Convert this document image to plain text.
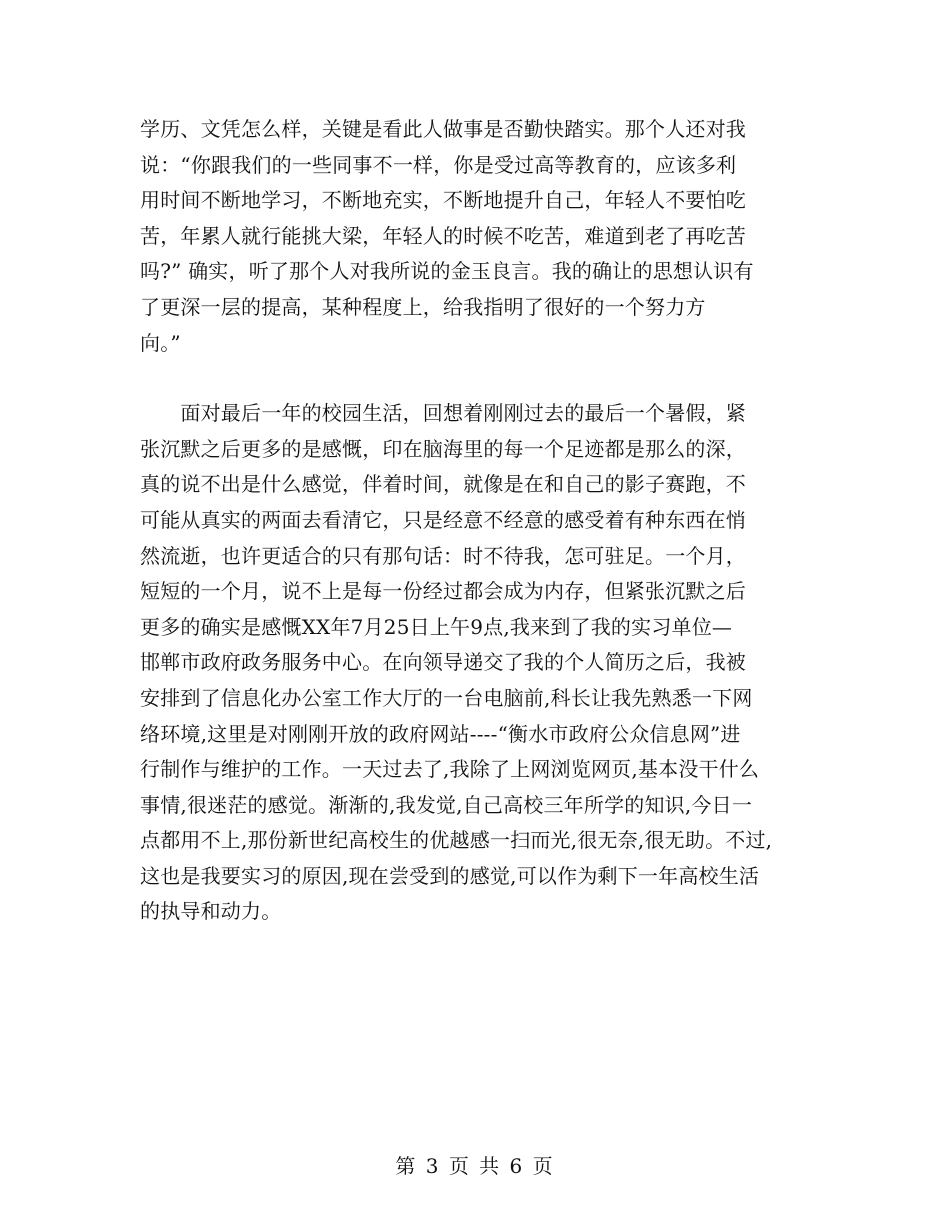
学历、文凭怎么样，关键是看此人做事是否勤快踏实。那个人还对我
说：“你跟我们的一些同事不一样，你是受过高等教育的，应该多利
用时间不断地学习，不断地充实，不断地提升自己，年轻人不要怕吃
苦，年累人就行能挑大梁，年轻人的时候不吃苦，难道到老了再吃苦
吗?” 确实，听了那个人对我所说的金玉良言。我的确让的思想认识有
了更深一层的提高，某种程度上，给我指明了很好的一个努力方
向。”

　　面对最后一年的校园生活，回想着刚刚过去的最后一个暑假，紧
张沉默之后更多的是感慨，印在脑海里的每一个足迹都是那么的深，
真的说不出是什么感觉，伴着时间，就像是在和自己的影子赛跑，不
可能从真实的两面去看清它，只是经意不经意的感受着有种东西在悄
然流逝，也许更适合的只有那句话：时不待我，怎可驻足。一个月，
短短的一个月，说不上是每一份经过都会成为内存，但紧张沉默之后
更多的确实是感慨XX年7月25日上午9点,我来到了我的实习单位—
邯郸市政府政务服务中心。在向领导递交了我的个人简历之后，我被
安排到了信息化办公室工作大厅的一台电脑前,科长让我先熟悉一下网
络环境,这里是对刚刚开放的政府网站----“衡水市政府公众信息网”进
行制作与维护的工作。一天过去了,我除了上网浏览网页,基本没干什么
事情,很迷茫的感觉。渐渐的,我发觉,自己高校三年所学的知识,今日一
点都用不上,那份新世纪高校生的优越感一扫而光,很无奈,很无助。不过,
这也是我要实习的原因,现在尝受到的感觉,可以作为剩下一年高校生活
的执导和动力。

第 3 页 共 6 页
